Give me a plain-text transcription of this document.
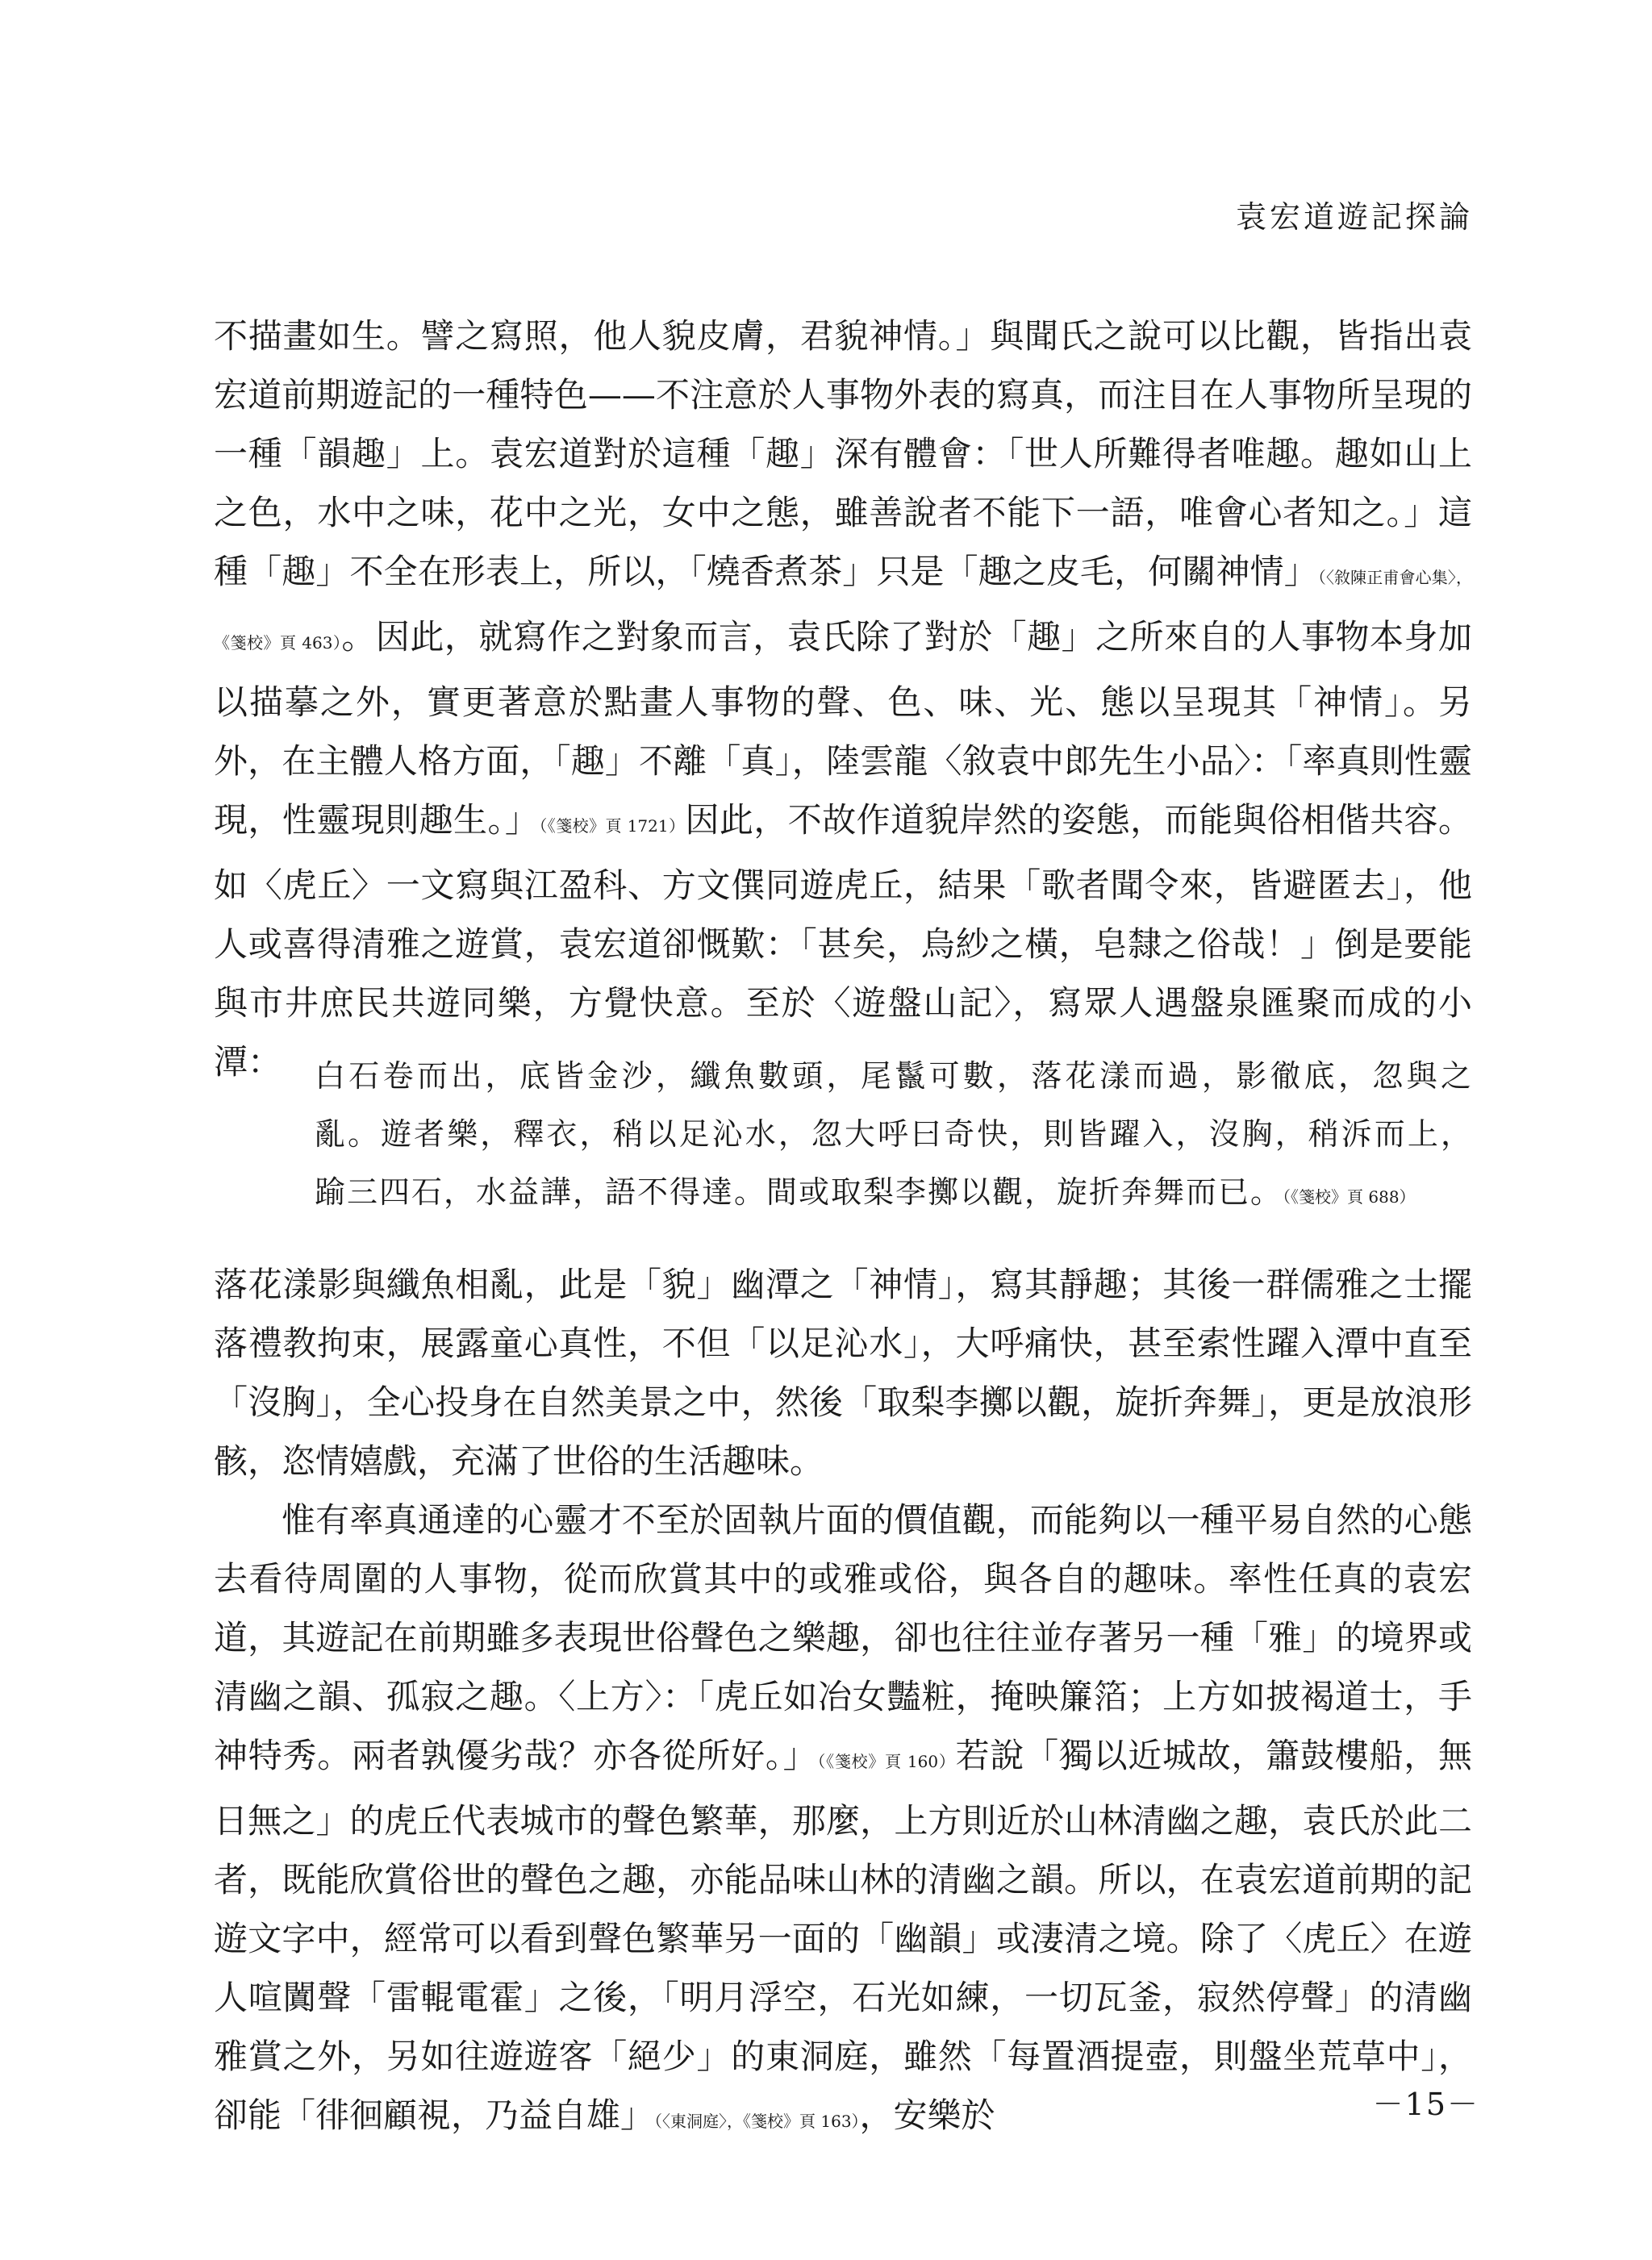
袁宏道遊記探論
不描畫如生。譬之寫照，他人貌皮膚，君貌神情。」與聞氏之說可以比觀，皆指出袁宏道前期遊記的一種特色——不注意於人事物外表的寫真，而注目在人事物所呈現的一種「韻趣」上。袁宏道對於這種「趣」深有體會：「世人所難得者唯趣。趣如山上之色，水中之味，花中之光，女中之態，雖善說者不能下一語，唯會心者知之。」這種「趣」不全在形表上，所以，「燒香煮茶」只是「趣之皮毛，何關神情」（〈敘陳正甫會心集〉，《箋校》頁 463）。因此，就寫作之對象而言，袁氏除了對於「趣」之所來自的人事物本身加以描摹之外，實更著意於點畫人事物的聲、色、味、光、態以呈現其「神情」。另外，在主體人格方面，「趣」不離「真」，陸雲龍〈敘袁中郎先生小品〉：「率真則性靈現，性靈現則趣生。」（《箋校》頁 1721）因此，不故作道貌岸然的姿態，而能與俗相偕共容。如〈虎丘〉一文寫與江盈科、方文僎同遊虎丘，結果「歌者聞令來，皆避匿去」，他人或喜得清雅之遊賞，袁宏道卻慨歎：「甚矣，烏紗之橫，皂隸之俗哉！」倒是要能與市井庶民共遊同樂，方覺快意。至於〈遊盤山記〉，寫眾人遇盤泉匯聚而成的小潭：	白石卷而出，底皆金沙，纖魚數頭，尾鬣可數，落花漾而過，影徹底，忽與之亂。遊者樂，釋衣，稍以足沁水，忽大呼曰奇快，則皆躍入，沒胸，稍泝而上，踰三四石，水益譁，語不得達。間或取梨李擲以觀，旋折奔舞而已。（《箋校》頁 688）
落花漾影與纖魚相亂，此是「貌」幽潭之「神情」，寫其靜趣；其後一群儒雅之士擺落禮教拘束，展露童心真性，不但「以足沁水」，大呼痛快，甚至索性躍入潭中直至「沒胸」，全心投身在自然美景之中，然後「取梨李擲以觀，旋折奔舞」，更是放浪形骸，恣情嬉戲，充滿了世俗的生活趣味。
惟有率真通達的心靈才不至於固執片面的價值觀，而能夠以一種平易自然的心態去看待周圍的人事物，從而欣賞其中的或雅或俗，與各自的趣味。率性任真的袁宏道，其遊記在前期雖多表現世俗聲色之樂趣，卻也往往並存著另一種「雅」的境界或清幽之韻、孤寂之趣。〈上方〉：「虎丘如冶女豔粧，掩映簾箔；上方如披褐道士，手神特秀。兩者孰優劣哉？亦各從所好。」（《箋校》頁 160）若說「獨以近城故，簫鼓樓船，無日無之」的虎丘代表城市的聲色繁華，那麼，上方則近於山林清幽之趣，袁氏於此二者，既能欣賞俗世的聲色之趣，亦能品味山林的清幽之韻。所以，在袁宏道前期的記遊文字中，經常可以看到聲色繁華另一面的「幽韻」或淒清之境。除了〈虎丘〉在遊人喧闐聲「雷輥電霍」之後，「明月浮空，石光如練，一切瓦釜，寂然停聲」的清幽雅賞之外，另如往遊遊客「絕少」的東洞庭，雖然「每置酒提壺，則盤坐荒草中」，卻能「徘徊顧視，乃益自雄」（〈東洞庭〉，《箋校》頁 163），安樂於	－15－
